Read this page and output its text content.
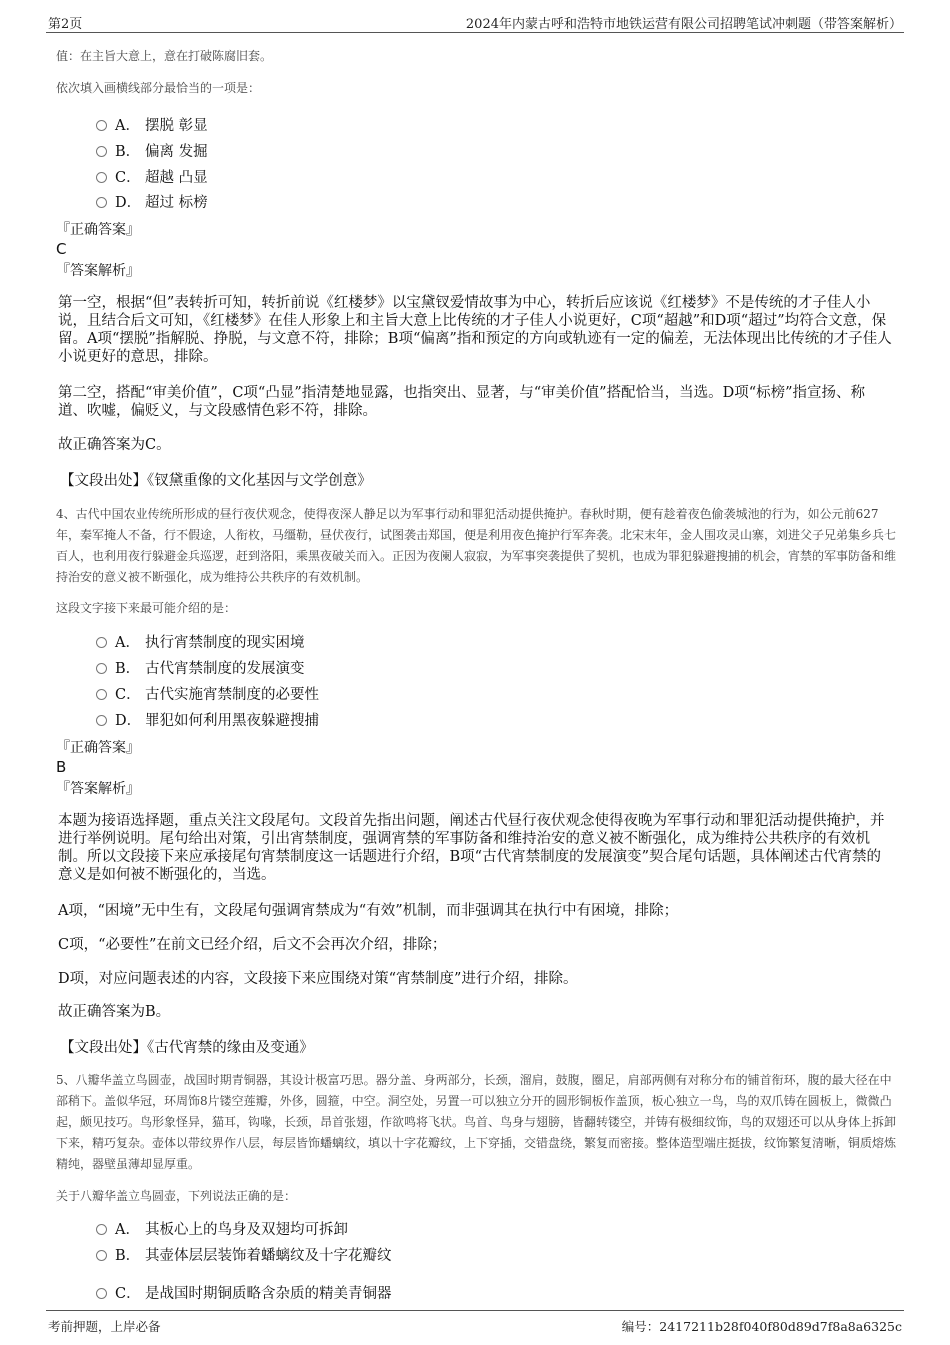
第2页	2024年内蒙古呼和浩特市地铁运营有限公司招聘笔试冲刺题（带答案解析）
值：在主旨大意上，意在打破陈腐旧套。
依次填入画横线部分最恰当的一项是：
A． 摆脱 彰显
B． 偏离 发掘
C． 超越 凸显
D． 超过 标榜
『正确答案』
C
『答案解析』
第一空，根据“但”表转折可知，转折前说《红楼梦》以宝黛钗爱情故事为中心，转折后应该说《红楼梦》不是传统的才子佳人小说，且结合后文可知，《红楼梦》在佳人形象上和主旨大意上比传统的才子佳人小说更好，C项“超越”和D项“超过”均符合文意，保留。A项“摆脱”指解脱、挣脱，与文意不符，排除；B项“偏离”指和预定的方向或轨迹有一定的偏差，无法体现出比传统的才子佳人小说更好的意思，排除。
第二空，搭配“审美价值”，C项“凸显”指清楚地显露，也指突出、显著，与“审美价值”搭配恰当，当选。D项“标榜”指宣扬、称道、吹嘘，偏贬义，与文段感情色彩不符，排除。
故正确答案为C。
【文段出处】《钗黛重像的文化基因与文学创意》
4、古代中国农业传统所形成的昼行夜伏观念，使得夜深人静足以为军事行动和罪犯活动提供掩护。春秋时期，便有趁着夜色偷袭城池的行为，如公元前627年，秦军掩人不备，行不假途，人衔枚，马缰勒，昼伏夜行，试图袭击郑国，便是利用夜色掩护行军奔袭。北宋末年，金人围攻灵山寨，刘进父子兄弟集乡兵七百人，也利用夜行躲避金兵巡逻，赶到洛阳，乘黑夜破关而入。正因为夜阑人寂寂，为军事突袭提供了契机，也成为罪犯躲避搜捕的机会，宵禁的军事防备和维持治安的意义被不断强化，成为维持公共秩序的有效机制。
这段文字接下来最可能介绍的是：
A． 执行宵禁制度的现实困境
B． 古代宵禁制度的发展演变
C． 古代实施宵禁制度的必要性
D． 罪犯如何利用黑夜躲避搜捕
『正确答案』
B
『答案解析』
本题为接语选择题，重点关注文段尾句。文段首先指出问题，阐述古代昼行夜伏观念使得夜晚为军事行动和罪犯活动提供掩护，并进行举例说明。尾句给出对策，引出宵禁制度，强调宵禁的军事防备和维持治安的意义被不断强化，成为维持公共秩序的有效机制。所以文段接下来应承接尾句宵禁制度这一话题进行介绍，B项“古代宵禁制度的发展演变”契合尾句话题，具体阐述古代宵禁的意义是如何被不断强化的，当选。
A项，“困境”无中生有，文段尾句强调宵禁成为“有效”机制，而非强调其在执行中有困境，排除；
C项，“必要性”在前文已经介绍，后文不会再次介绍，排除；
D项，对应问题表述的内容，文段接下来应围绕对策“宵禁制度”进行介绍，排除。
故正确答案为B。
【文段出处】《古代宵禁的缘由及变通》
5、八瓣华盖立鸟圆壶，战国时期青铜器，其设计极富巧思。器分盖、身两部分，长颈，溜肩，鼓腹，圈足，肩部两侧有对称分布的铺首衔环，腹的最大径在中部稍下。盖似华冠，环周饰8片镂空莲瓣，外侈，圆箍，中空。洞空处，另置一可以独立分开的圆形铜板作盖顶，板心独立一鸟，鸟的双爪铸在圆板上，微微凸起，颇见技巧。鸟形象怪异，猫耳，钩喙，长颈，昂首张翅，作欲鸣将飞状。鸟首、鸟身与翅膀，皆翻转镂空，并铸有极细纹饰，鸟的双翅还可以从身体上拆卸下来，精巧复杂。壶体以带纹界作八层，每层皆饰蟠螭纹，填以十字花瓣纹，上下穿插，交错盘绕，繁复而密接。整体造型端庄挺拔，纹饰繁复清晰，铜质熔炼精纯，器壁虽薄却显厚重。
关于八瓣华盖立鸟圆壶，下列说法正确的是：
A． 其板心上的鸟身及双翅均可拆卸
B． 其壶体层层装饰着蟠螭纹及十字花瓣纹
C． 是战国时期铜质略含杂质的精美青铜器
考前押题，上岸必备	编号：2417211b28f040f80d89d7f8a8a6325c
